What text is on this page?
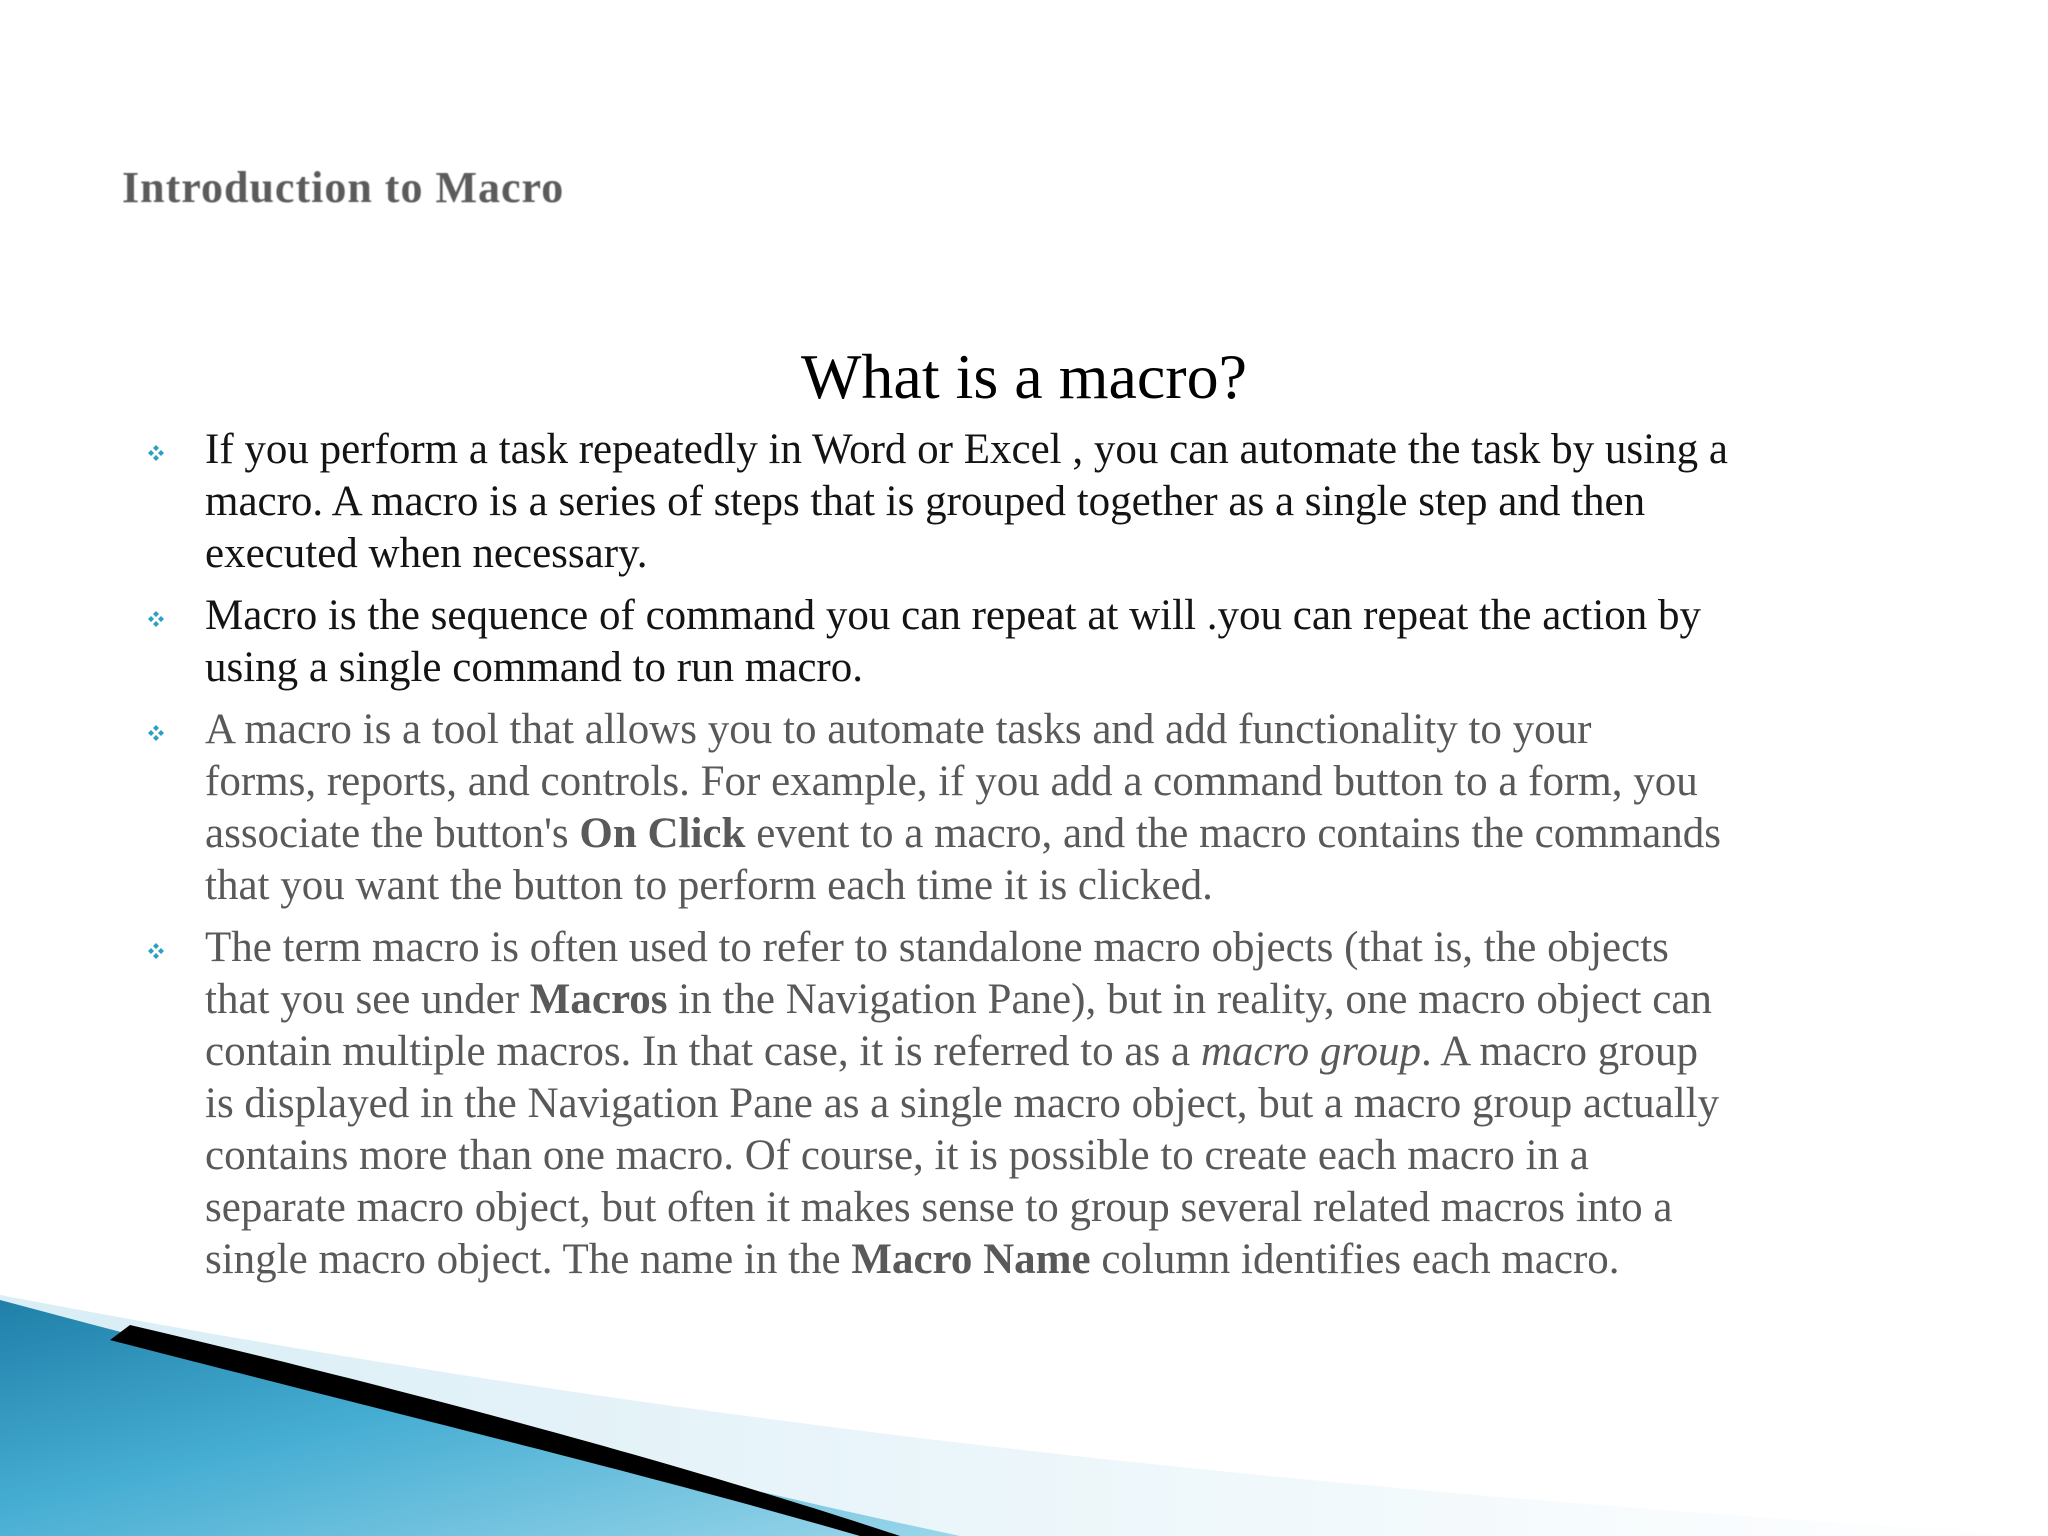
Introduction to Macro
What is a macro?
If you perform a task repeatedly in Word or Excel , you can automate the task by using a
macro. A macro is a series of steps that is grouped together as a single step and then
executed when necessary.
Macro is the sequence of command you can repeat at will .you can repeat the action by
using a single command to run macro.
A macro is a tool that allows you to automate tasks and add functionality to your
forms, reports, and controls. For example, if you add a command button to a form, you
associate the button's On Click event to a macro, and the macro contains the commands
that you want the button to perform each time it is clicked.
The term macro is often used to refer to standalone macro objects (that is, the objects
that you see under Macros in the Navigation Pane), but in reality, one macro object can
contain multiple macros. In that case, it is referred to as a macro group. A macro group
is displayed in the Navigation Pane as a single macro object, but a macro group actually
contains more than one macro. Of course, it is possible to create each macro in a
separate macro object, but often it makes sense to group several related macros into a
single macro object. The name in the Macro Name column identifies each macro.
